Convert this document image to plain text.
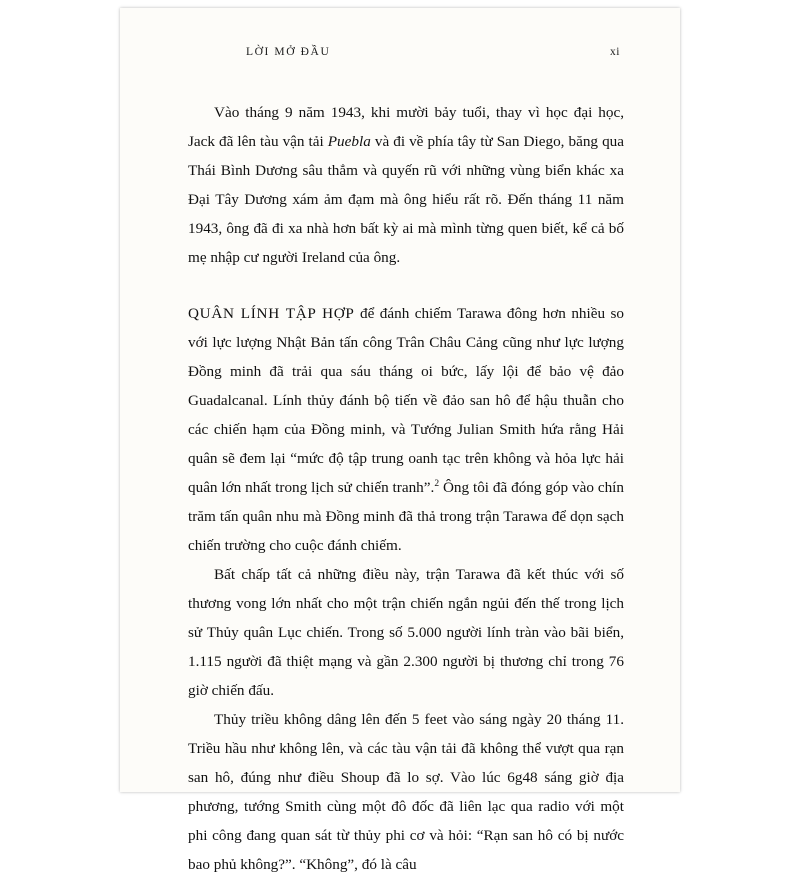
LỜI MỞ ĐẦU	xi

Vào tháng 9 năm 1943, khi mười bảy tuổi, thay vì học đại học, Jack đã lên tàu vận tải Puebla và đi về phía tây từ San Diego, băng qua Thái Bình Dương sâu thẳm và quyến rũ với những vùng biển khác xa Đại Tây Dương xám ảm đạm mà ông hiểu rất rõ. Đến tháng 11 năm 1943, ông đã đi xa nhà hơn bất kỳ ai mà mình từng quen biết, kể cả bố mẹ nhập cư người Ireland của ông.

QUÂN LÍNH TẬP HỢP để đánh chiếm Tarawa đông hơn nhiều so với lực lượng Nhật Bản tấn công Trân Châu Cảng cũng như lực lượng Đồng minh đã trải qua sáu tháng oi bức, lấy lội để bảo vệ đảo Guadalcanal. Lính thủy đánh bộ tiến về đảo san hô để hậu thuẫn cho các chiến hạm của Đồng minh, và Tướng Julian Smith hứa rằng Hải quân sẽ đem lại “mức độ tập trung oanh tạc trên không và hỏa lực hải quân lớn nhất trong lịch sử chiến tranh”.$^2$ Ông tôi đã đóng góp vào chín trăm tấn quân nhu mà Đồng minh đã thả trong trận Tarawa để dọn sạch chiến trường cho cuộc đánh chiếm.

Bất chấp tất cả những điều này, trận Tarawa đã kết thúc với số thương vong lớn nhất cho một trận chiến ngắn ngủi đến thế trong lịch sử Thủy quân Lục chiến. Trong số 5.000 người lính tràn vào bãi biển, 1.115 người đã thiệt mạng và gần 2.300 người bị thương chỉ trong 76 giờ chiến đấu.

Thủy triều không dâng lên đến 5 feet vào sáng ngày 20 tháng 11. Triều hầu như không lên, và các tàu vận tải đã không thể vượt qua rạn san hô, đúng như điều Shoup đã lo sợ. Vào lúc 6g48 sáng giờ địa phương, tướng Smith cùng một đô đốc đã liên lạc qua radio với một phi công đang quan sát từ thủy phi cơ và hỏi: “Rạn san hô có bị nước bao phủ không?”. “Không”, đó là câu
